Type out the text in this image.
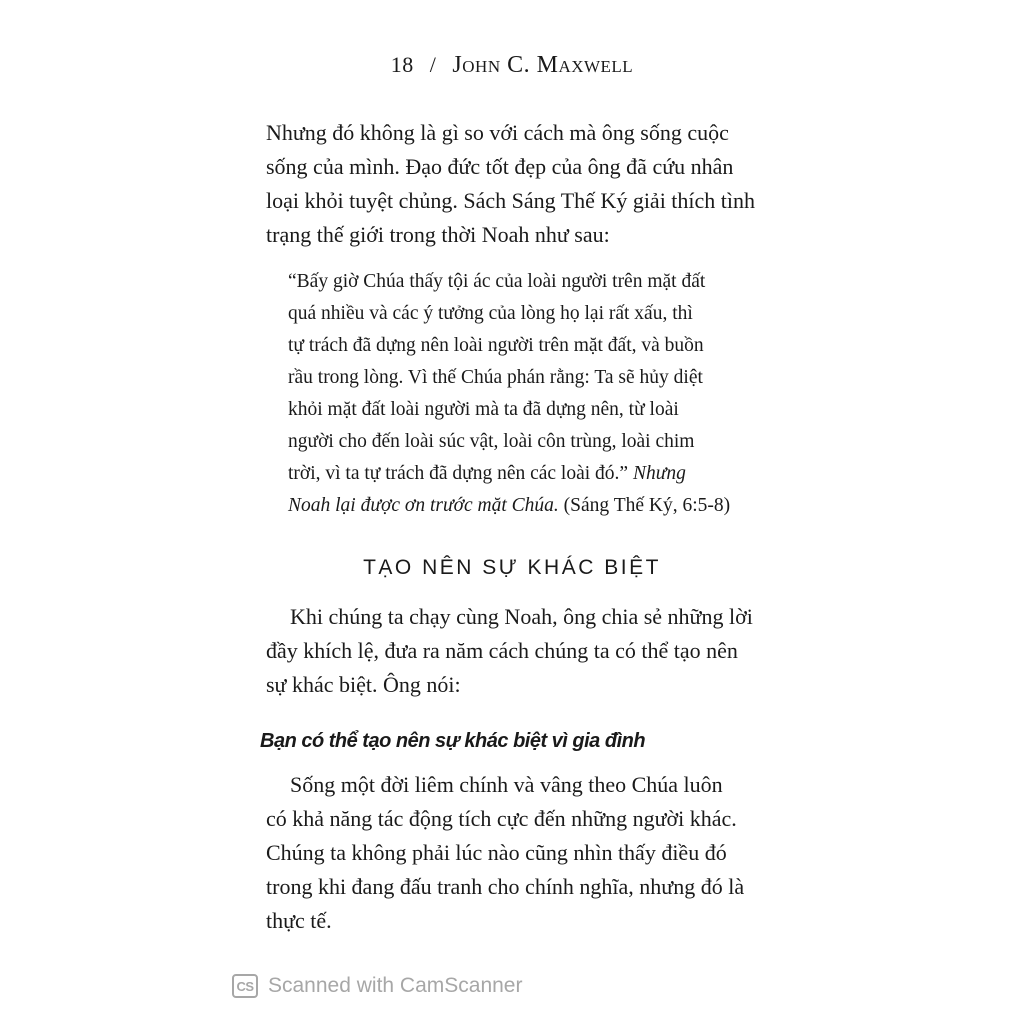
18 / John C. Maxwell
Nhưng đó không là gì so với cách mà ông sống cuộc
sống của mình. Đạo đức tốt đẹp của ông đã cứu nhân
loại khỏi tuyệt chủng. Sách Sáng Thế Ký giải thích tình
trạng thế giới trong thời Noah như sau:
“Bấy giờ Chúa thấy tội ác của loài người trên mặt đất
quá nhiều và các ý tưởng của lòng họ lại rất xấu, thì
tự trách đã dựng nên loài người trên mặt đất, và buồn
rầu trong lòng. Vì thế Chúa phán rằng: Ta sẽ hủy diệt
khỏi mặt đất loài người mà ta đã dựng nên, từ loài
người cho đến loài súc vật, loài côn trùng, loài chim
trời, vì ta tự trách đã dựng nên các loài đó.” Nhưng
Noah lại được ơn trước mặt Chúa. (Sáng Thế Ký, 6:5-8)
TẠO NÊN SỰ KHÁC BIỆT
Khi chúng ta chạy cùng Noah, ông chia sẻ những lời
đầy khích lệ, đưa ra năm cách chúng ta có thể tạo nên
sự khác biệt. Ông nói:
Bạn có thể tạo nên sự khác biệt vì gia đình
Sống một đời liêm chính và vâng theo Chúa luôn
có khả năng tác động tích cực đến những người khác.
Chúng ta không phải lúc nào cũng nhìn thấy điều đó
trong khi đang đấu tranh cho chính nghĩa, nhưng đó là
thực tế.
CS Scanned with CamScanner
